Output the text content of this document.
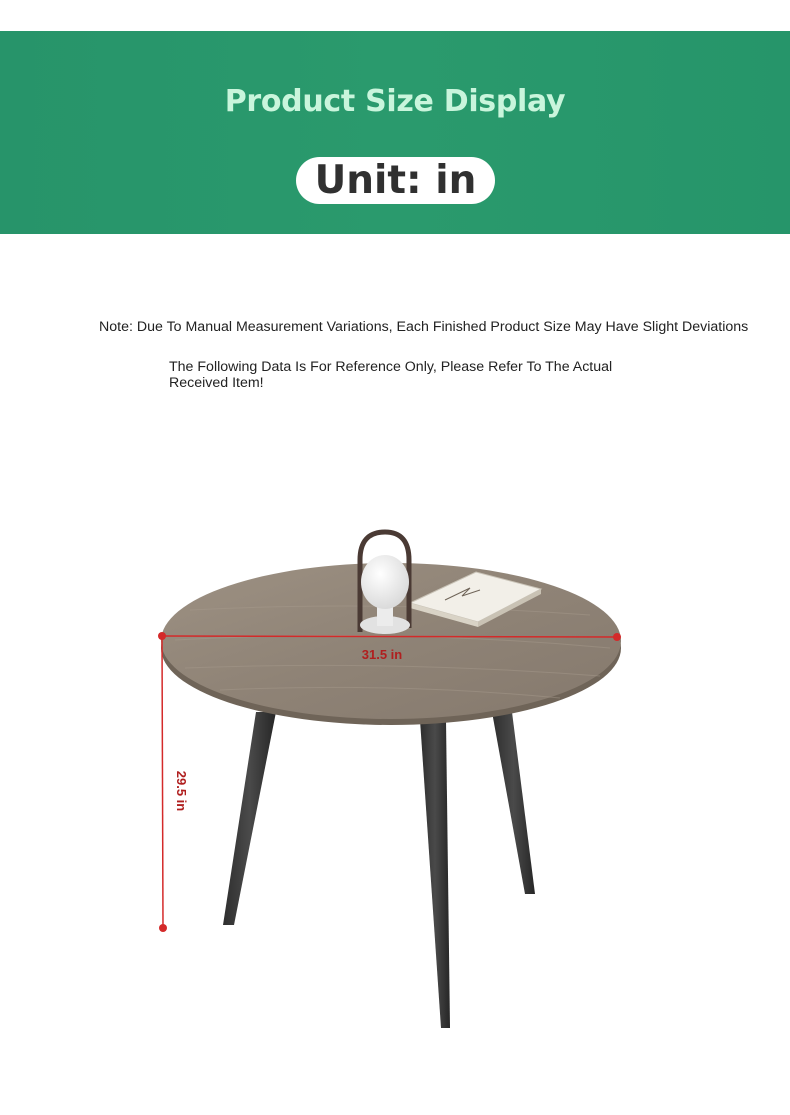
Product Size Display
Unit: in
Note: Due To Manual Measurement Variations, Each Finished Product Size May Have Slight Deviations
The Following Data Is For Reference Only, Please Refer To The Actual Received Item!
31.5 in
29.5 in
